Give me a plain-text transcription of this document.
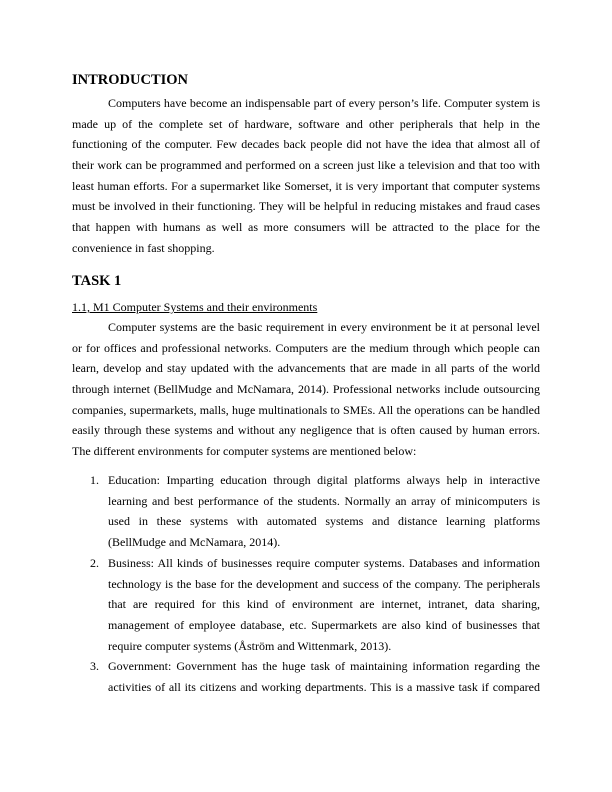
INTRODUCTION
Computers have become an indispensable part of every person’s life. Computer system is
made up of the complete set of hardware, software and other peripherals that help in the
functioning of the computer. Few decades back people did not have the idea that almost all of
their work can be programmed and performed on a screen just like a television and that too with
least human efforts. For a supermarket like Somerset, it is very important that computer systems
must be involved in their functioning. They will be helpful in reducing mistakes and fraud cases
that happen with humans as well as more consumers will be attracted to the place for the
convenience in fast shopping.
TASK 1
1.1, M1 Computer Systems and their environments
Computer systems are the basic requirement in every environment be it at personal level
or for offices and professional networks. Computers are the medium through which people can
learn, develop and stay updated with the advancements that are made in all parts of the world
through internet (BellMudge and McNamara, 2014). Professional networks include outsourcing
companies, supermarkets, malls, huge multinationals to SMEs. All the operations can be handled
easily through these systems and without any negligence that is often caused by human errors.
The different environments for computer systems are mentioned below:
1. Education: Imparting education through digital platforms always help in interactive
learning and best performance of the students. Normally an array of minicomputers is
used in these systems with automated systems and distance learning platforms
(BellMudge and McNamara, 2014).
2. Business: All kinds of businesses require computer systems. Databases and information
technology is the base for the development and success of the company. The peripherals
that are required for this kind of environment are internet, intranet, data sharing,
management of employee database, etc. Supermarkets are also kind of businesses that
require computer systems (Åström and Wittenmark, 2013).
3. Government: Government has the huge task of maintaining information regarding the
activities of all its citizens and working departments. This is a massive task if compared
